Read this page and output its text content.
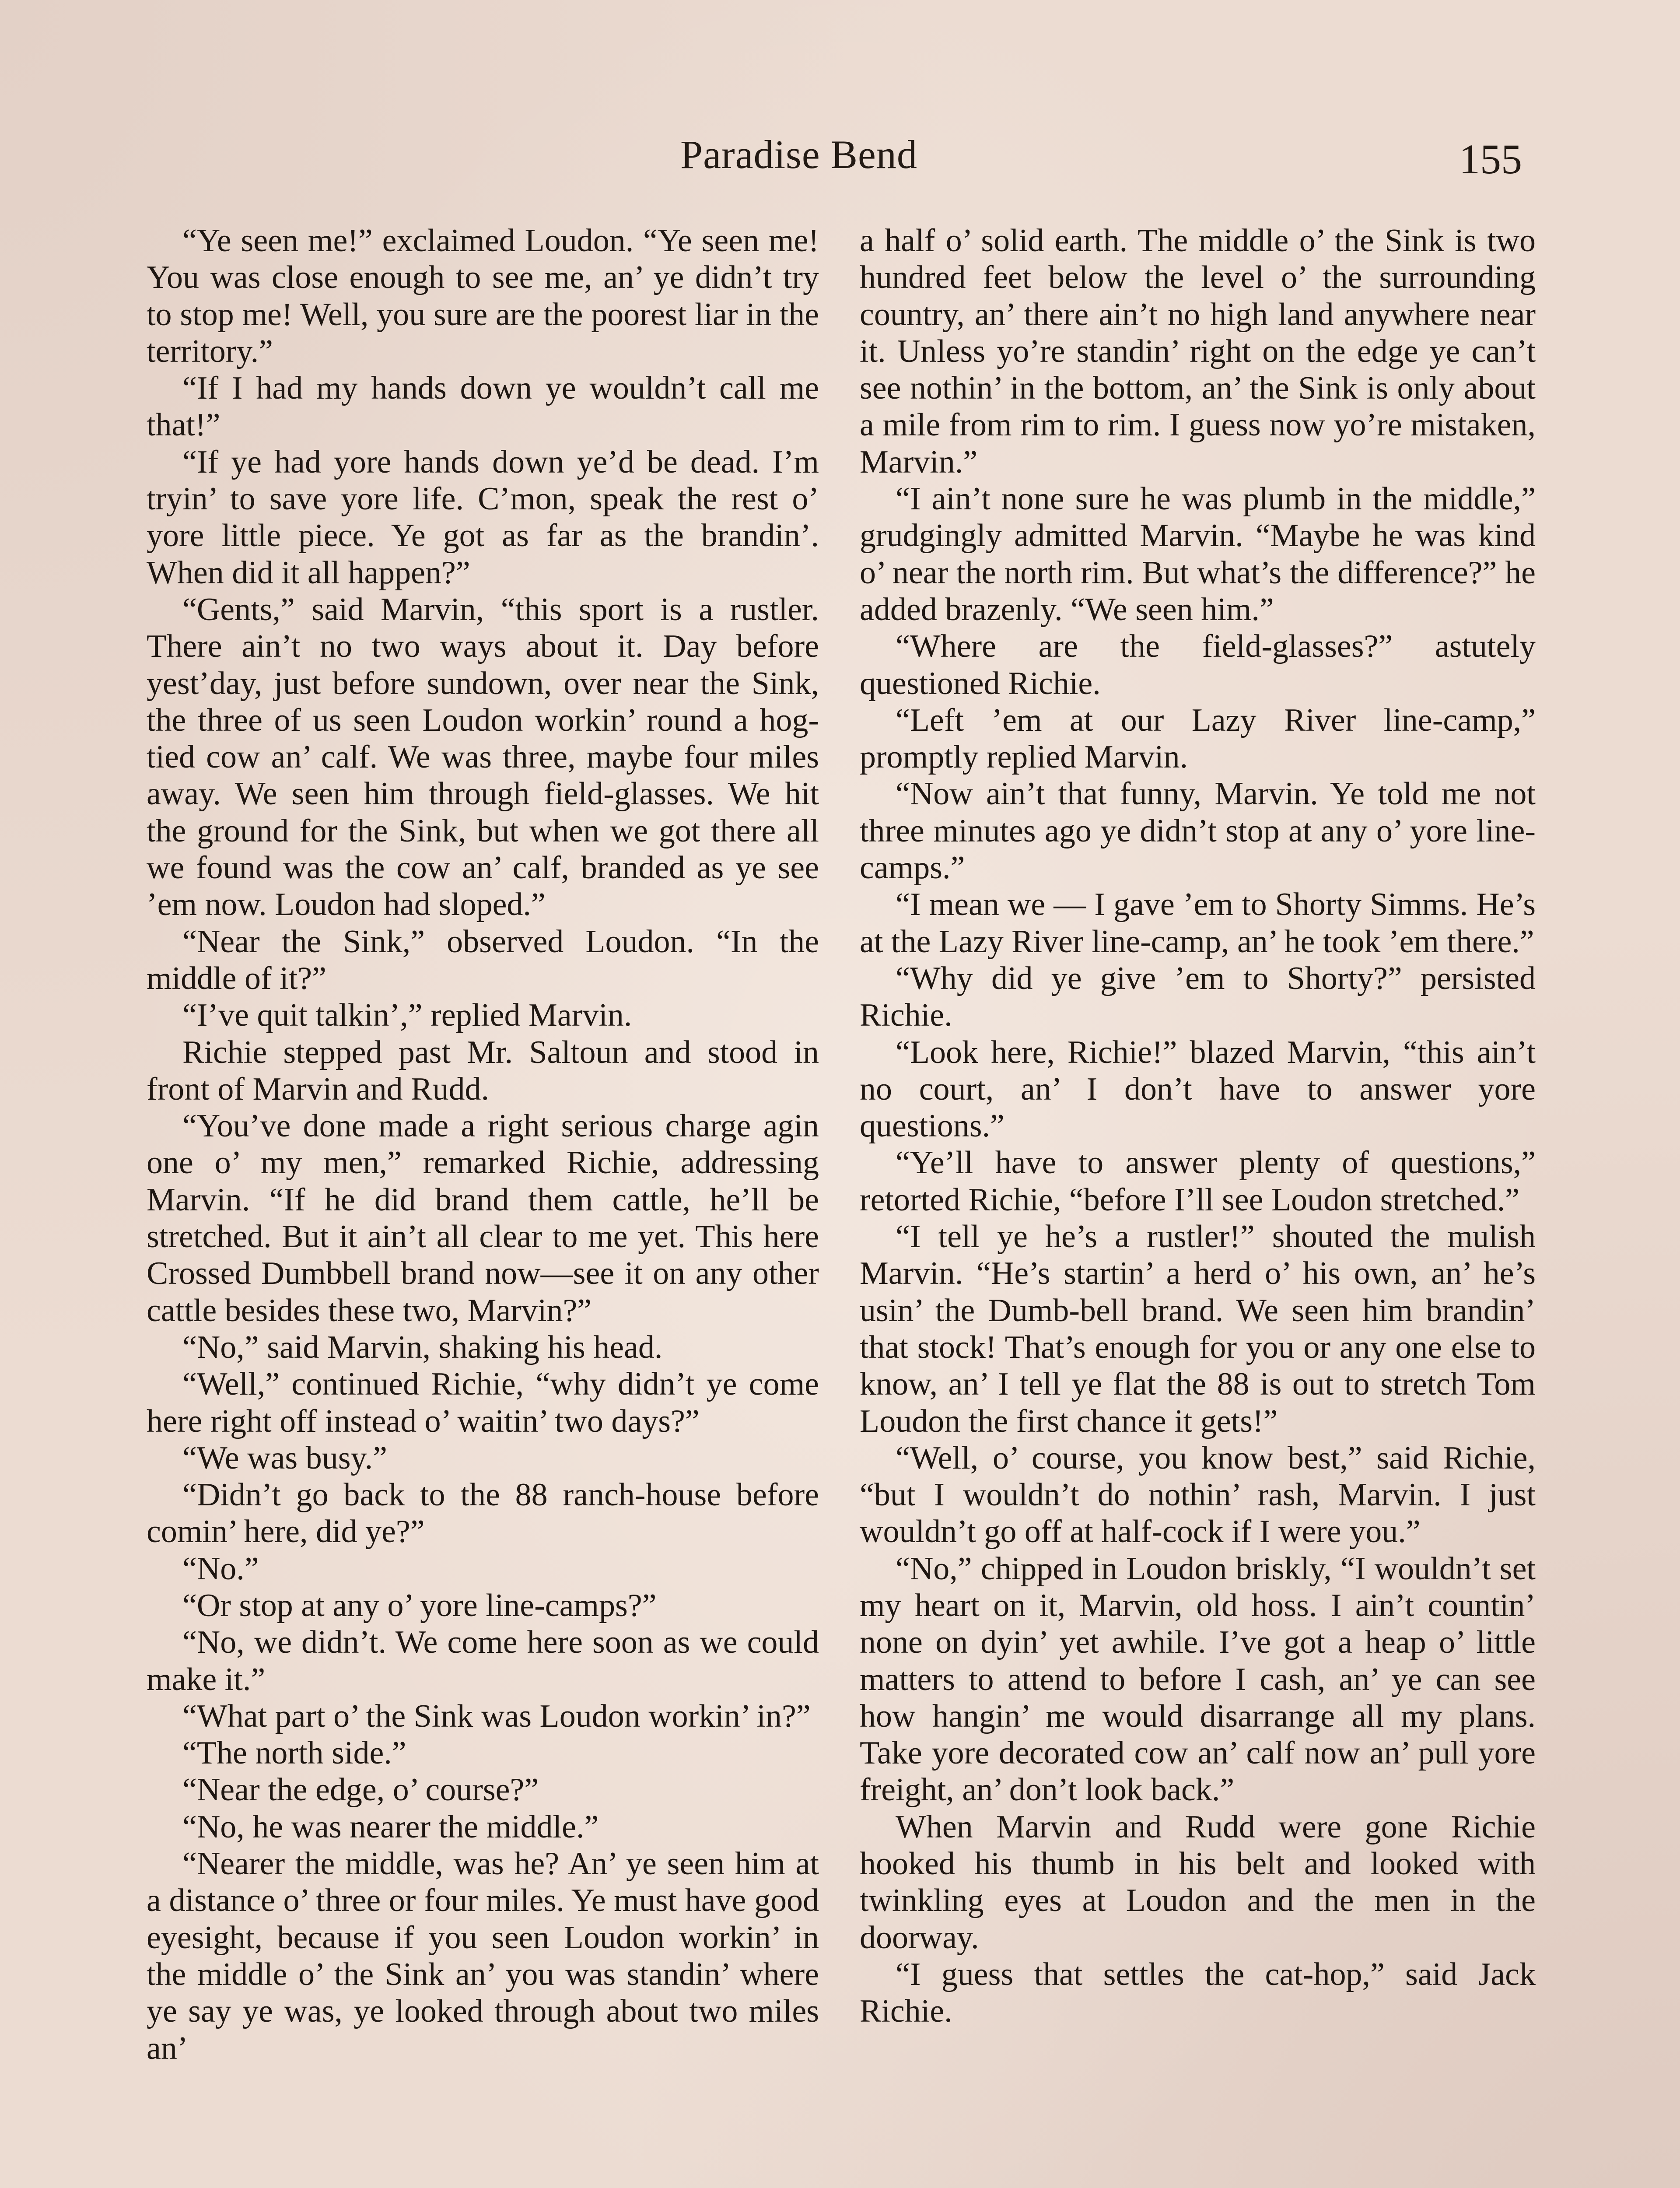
Paradise Bend	155

“Ye seen me!” exclaimed Loudon. “Ye seen me! You was close enough to see me, an’ ye didn’t try to stop me! Well, you sure are the poorest liar in the territory.”

“If I had my hands down ye wouldn’t call me that!”

“If ye had yore hands down ye’d be dead. I’m tryin’ to save yore life. C’mon, speak the rest o’ yore little piece. Ye got as far as the brandin’. When did it all happen?”

“Gents,” said Marvin, “this sport is a rustler. There ain’t no two ways about it. Day before yest’day, just before sundown, over near the Sink, the three of us seen Loudon workin’ round a hog-tied cow an’ calf. We was three, maybe four miles away. We seen him through field-glasses. We hit the ground for the Sink, but when we got there all we found was the cow an’ calf, branded as ye see ’em now. Loudon had sloped.”

“Near the Sink,” observed Loudon. “In the middle of it?”

“I’ve quit talkin’,” replied Marvin.

Richie stepped past Mr. Saltoun and stood in front of Marvin and Rudd.

“You’ve done made a right serious charge agin one o’ my men,” remarked Richie, addressing Marvin. “If he did brand them cattle, he’ll be stretched. But it ain’t all clear to me yet. This here Crossed Dumbbell brand now—see it on any other cattle besides these two, Marvin?”

“No,” said Marvin, shaking his head.

“Well,” continued Richie, “why didn’t ye come here right off instead o’ waitin’ two days?”

“We was busy.”

“Didn’t go back to the 88 ranch-house before comin’ here, did ye?”

“No.”

“Or stop at any o’ yore line-camps?”

“No, we didn’t. We come here soon as we could make it.”

“What part o’ the Sink was Loudon workin’ in?”

“The north side.”

“Near the edge, o’ course?”

“No, he was nearer the middle.”

“Nearer the middle, was he? An’ ye seen him at a distance o’ three or four miles. Ye must have good eyesight, because if you seen Loudon workin’ in the middle o’ the Sink an’ you was standin’ where ye say ye was, ye looked through about two miles an’

a half o’ solid earth. The middle o’ the Sink is two hundred feet below the level o’ the surrounding country, an’ there ain’t no high land anywhere near it. Unless yo’re standin’ right on the edge ye can’t see nothin’ in the bottom, an’ the Sink is only about a mile from rim to rim. I guess now yo’re mistaken, Marvin.”

“I ain’t none sure he was plumb in the middle,” grudgingly admitted Marvin. “Maybe he was kind o’ near the north rim. But what’s the difference?” he added brazenly. “We seen him.”

“Where are the field-glasses?” astutely questioned Richie.

“Left ’em at our Lazy River line-camp,” promptly replied Marvin.

“Now ain’t that funny, Marvin. Ye told me not three minutes ago ye didn’t stop at any o’ yore line-camps.”

“I mean we — I gave ’em to Shorty Simms. He’s at the Lazy River line-camp, an’ he took ’em there.”

“Why did ye give ’em to Shorty?” persisted Richie.

“Look here, Richie!” blazed Marvin, “this ain’t no court, an’ I don’t have to answer yore questions.”

“Ye’ll have to answer plenty of questions,” retorted Richie, “before I’ll see Loudon stretched.”

“I tell ye he’s a rustler!” shouted the mulish Marvin. “He’s startin’ a herd o’ his own, an’ he’s usin’ the Dumb-bell brand. We seen him brandin’ that stock! That’s enough for you or any one else to know, an’ I tell ye flat the 88 is out to stretch Tom Loudon the first chance it gets!”

“Well, o’ course, you know best,” said Richie, “but I wouldn’t do nothin’ rash, Marvin. I just wouldn’t go off at half-cock if I were you.”

“No,” chipped in Loudon briskly, “I wouldn’t set my heart on it, Marvin, old hoss. I ain’t countin’ none on dyin’ yet awhile. I’ve got a heap o’ little matters to attend to before I cash, an’ ye can see how hangin’ me would disarrange all my plans. Take yore decorated cow an’ calf now an’ pull yore freight, an’ don’t look back.”

When Marvin and Rudd were gone Richie hooked his thumb in his belt and looked with twinkling eyes at Loudon and the men in the doorway.

“I guess that settles the cat-hop,” said Jack Richie.
